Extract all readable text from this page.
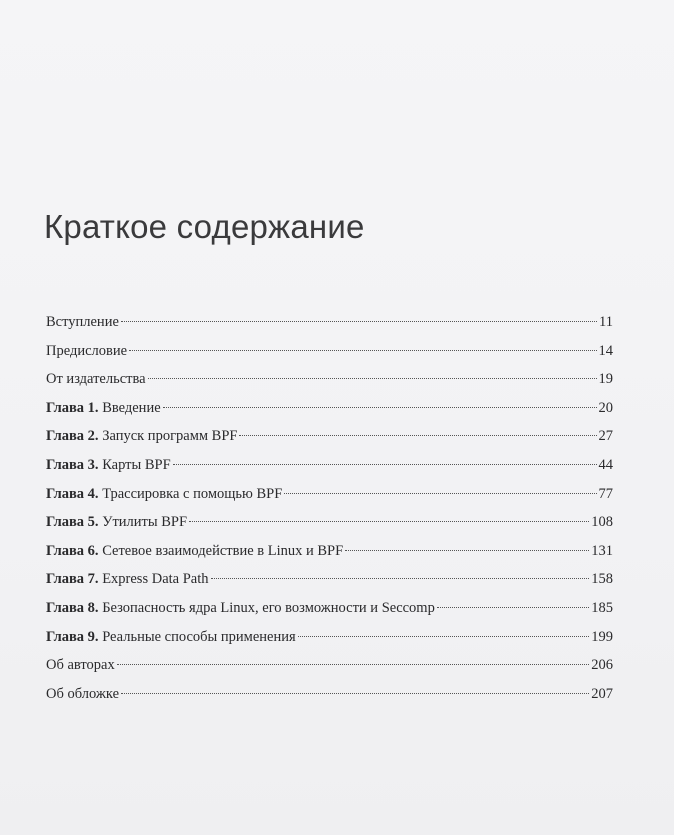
Краткое содержание
Вступление	11
Предисловие	14
От издательства	19
Глава 1. Введение	20
Глава 2. Запуск программ BPF	27
Глава 3. Карты BPF	44
Глава 4. Трассировка с помощью BPF	77
Глава 5. Утилиты BPF	108
Глава 6. Сетевое взаимодействие в Linux и BPF	131
Глава 7. Express Data Path	158
Глава 8. Безопасность ядра Linux, его возможности и Seccomp	185
Глава 9. Реальные способы применения	199
Об авторах	206
Об обложке	207
